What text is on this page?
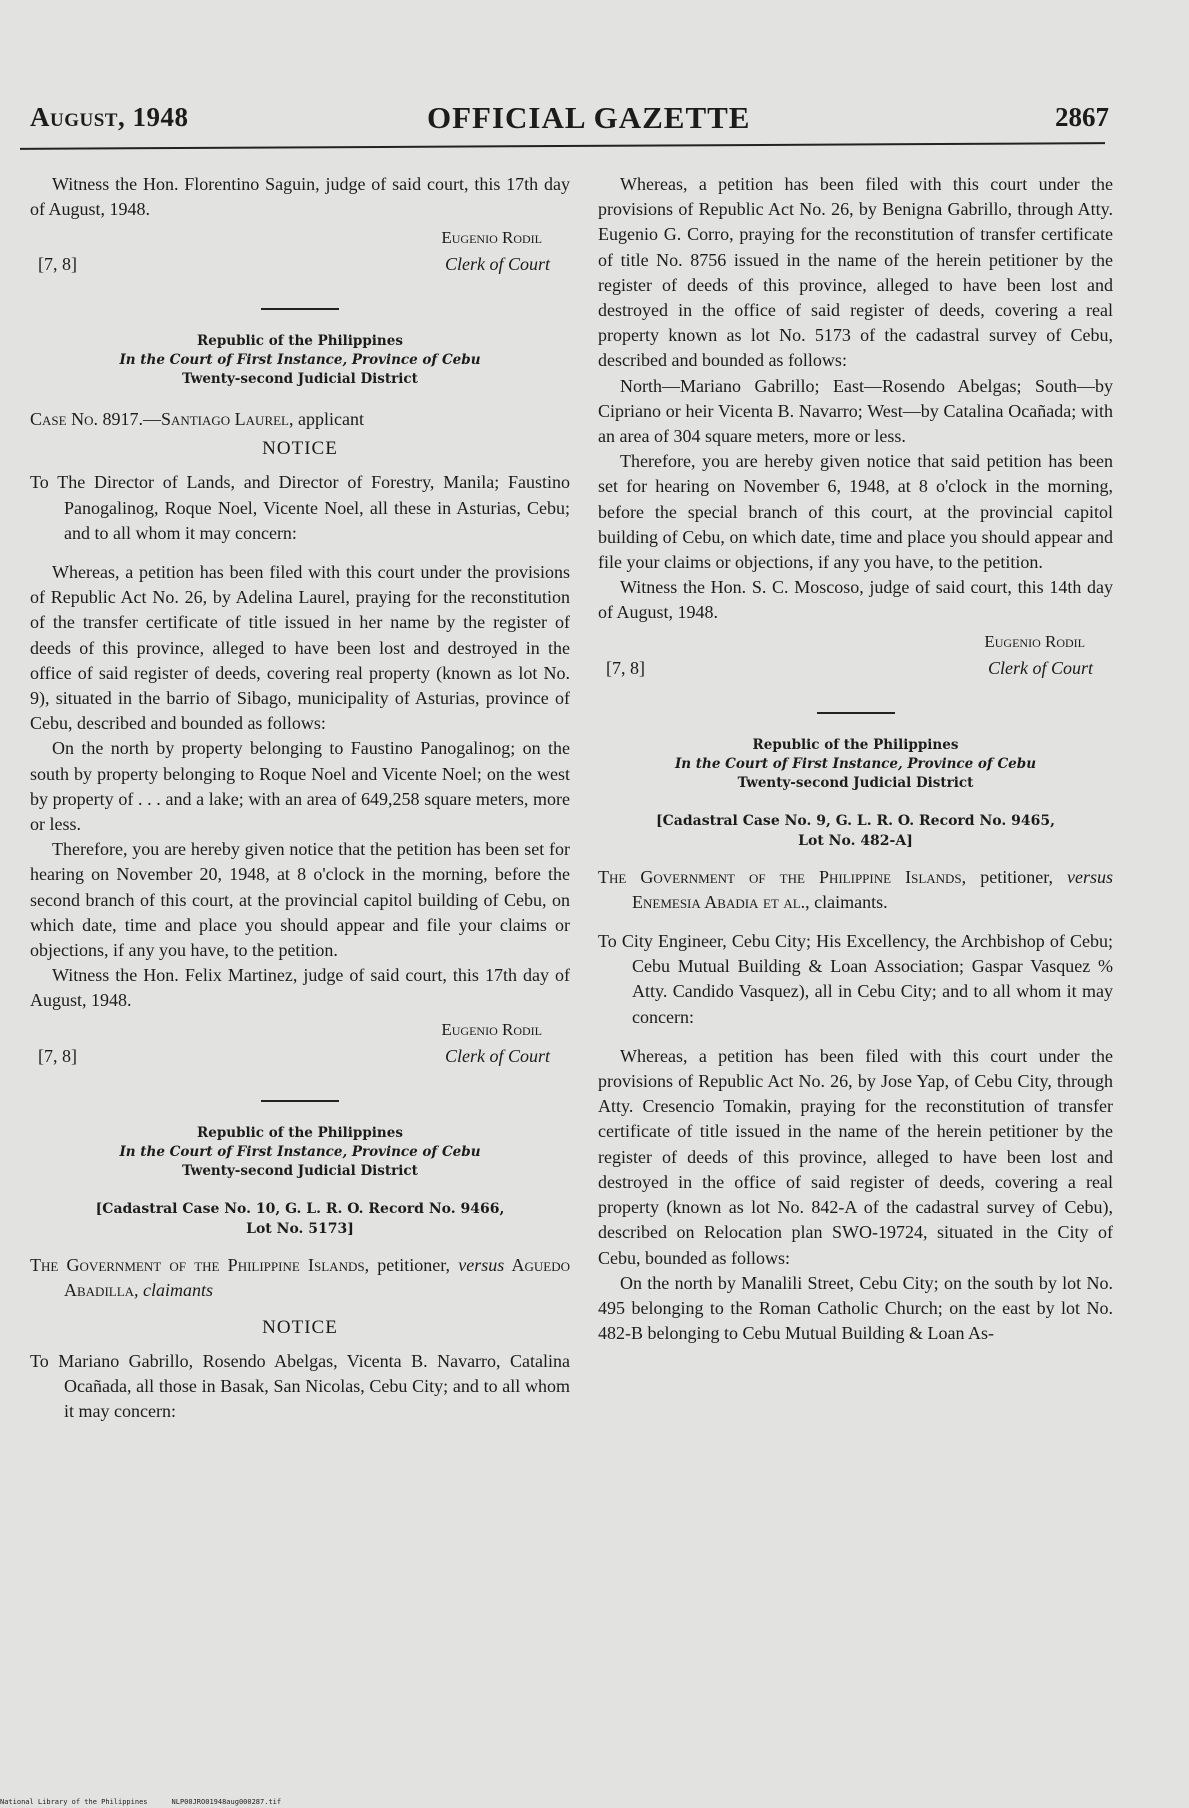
August, 1948	OFFICIAL GAZETTE	2867

Witness the Hon. Florentino Saguin, judge of said court, this 17th day of August, 1948.

Eugenio Rodil
Clerk of Court
[7, 8]
Republic of the Philippines
In the Court of First Instance, Province of Cebu
Twenty-second Judicial District
Case No. 8917.—Santiago Laurel, applicant
NOTICE

To The Director of Lands, and Director of Forestry, Manila; Faustino Panogalinog, Roque Noel, Vicente Noel, all these in Asturias, Cebu; and to all whom it may concern:

Whereas, a petition has been filed with this court under the provisions of Republic Act No. 26, by Adelina Laurel, praying for the reconstitution of the transfer certificate of title issued in her name by the register of deeds of this province, alleged to have been lost and destroyed in the office of said register of deeds, covering real property (known as lot No. 9), situated in the barrio of Sibago, municipality of Asturias, province of Cebu, described and bounded as follows:

On the north by property belonging to Faustino Panogalinog; on the south by property belonging to Roque Noel and Vicente Noel; on the west by property of . . . and a lake; with an area of 649,258 square meters, more or less.

Therefore, you are hereby given notice that the petition has been set for hearing on November 20, 1948, at 8 o'clock in the morning, before the second branch of this court, at the provincial capitol building of Cebu, on which date, time and place you should appear and file your claims or objections, if any you have, to the petition.

Witness the Hon. Felix Martinez, judge of said court, this 17th day of August, 1948.

Eugenio Rodil
Clerk of Court
[7, 8]
Republic of the Philippines
In the Court of First Instance, Province of Cebu
Twenty-second Judicial District
[Cadastral Case No. 10, G. L. R. O. Record No. 9466,
Lot No. 5173]

The Government of the Philippine Islands, petitioner, versus Aguedo Abadilla, claimants

NOTICE

To Mariano Gabrillo, Rosendo Abelgas, Vicenta B. Navarro, Catalina Ocañada, all those in Basak, San Nicolas, Cebu City; and to all whom it may concern:

Whereas, a petition has been filed with this court under the provisions of Republic Act No. 26, by Benigna Gabrillo, through Atty. Eugenio G. Corro, praying for the reconstitution of transfer certificate of title No. 8756 issued in the name of the herein petitioner by the register of deeds of this province, alleged to have been lost and destroyed in the office of said register of deeds, covering a real property known as lot No. 5173 of the cadastral survey of Cebu, described and bounded as follows:

North—Mariano Gabrillo; East—Rosendo Abelgas; South—by Cipriano or heir Vicenta B. Navarro; West—by Catalina Ocañada; with an area of 304 square meters, more or less.

Therefore, you are hereby given notice that said petition has been set for hearing on November 6, 1948, at 8 o'clock in the morning, before the special branch of this court, at the provincial capitol building of Cebu, on which date, time and place you should appear and file your claims or objections, if any you have, to the petition.

Witness the Hon. S. C. Moscoso, judge of said court, this 14th day of August, 1948.

Eugenio Rodil
Clerk of Court
[7, 8]
Republic of the Philippines
In the Court of First Instance, Province of Cebu
Twenty-second Judicial District
[Cadastral Case No. 9, G. L. R. O. Record No. 9465,
Lot No. 482-A]

The Government of the Philippine Islands, petitioner, versus Enemesia Abadia et al., claimants.

To City Engineer, Cebu City; His Excellency, the Archbishop of Cebu; Cebu Mutual Building & Loan Association; Gaspar Vasquez % Atty. Candido Vasquez), all in Cebu City; and to all whom it may concern:

Whereas, a petition has been filed with this court under the provisions of Republic Act No. 26, by Jose Yap, of Cebu City, through Atty. Cresencio Tomakin, praying for the reconstitution of transfer certificate of title issued in the name of the herein petitioner by the register of deeds of this province, alleged to have been lost and destroyed in the office of said register of deeds, covering a real property (known as lot No. 842-A of the cadastral survey of Cebu), described on Relocation plan SWO-19724, situated in the City of Cebu, bounded as follows:

On the north by Manalili Street, Cebu City; on the south by lot No. 495 belonging to the Roman Catholic Church; on the east by lot No. 482-B belonging to Cebu Mutual Building & Loan As-

National Library of the Philippines	NLP00JRO01948aug000287.tif
